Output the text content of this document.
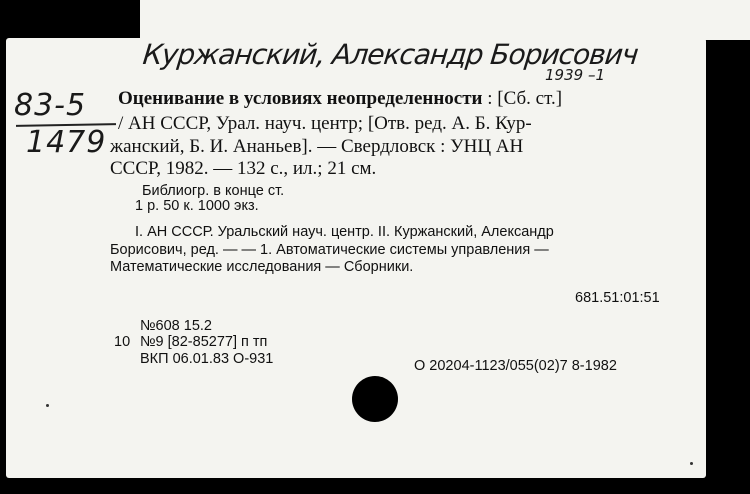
Куржанский, Александр Борисович
1939 –1
83-5
1479
Оценивание в условиях неопределенности : [Сб. ст.]
/ АН СССР, Урал. науч. центр; [Отв. ред. А. Б. Кур-
жанский, Б. И. Ананьев]. — Свердловск : УНЦ АН
СССР, 1982. — 132 с., ил.; 21 см.
Библиогр. в конце ст.
1 р. 50 к. 1000 экз.
I. АН СССР. Уральский науч. центр. II. Куржанский, Александр
Борисович, ред. — — 1. Автоматические системы управления —
Математические исследования — Сборники.
681.51:01:51
№608 15.2
10 №9 [82-85277] п тп
ВКП 06.01.83 О-931	О 20204-1123/055(02)7 8-1982
